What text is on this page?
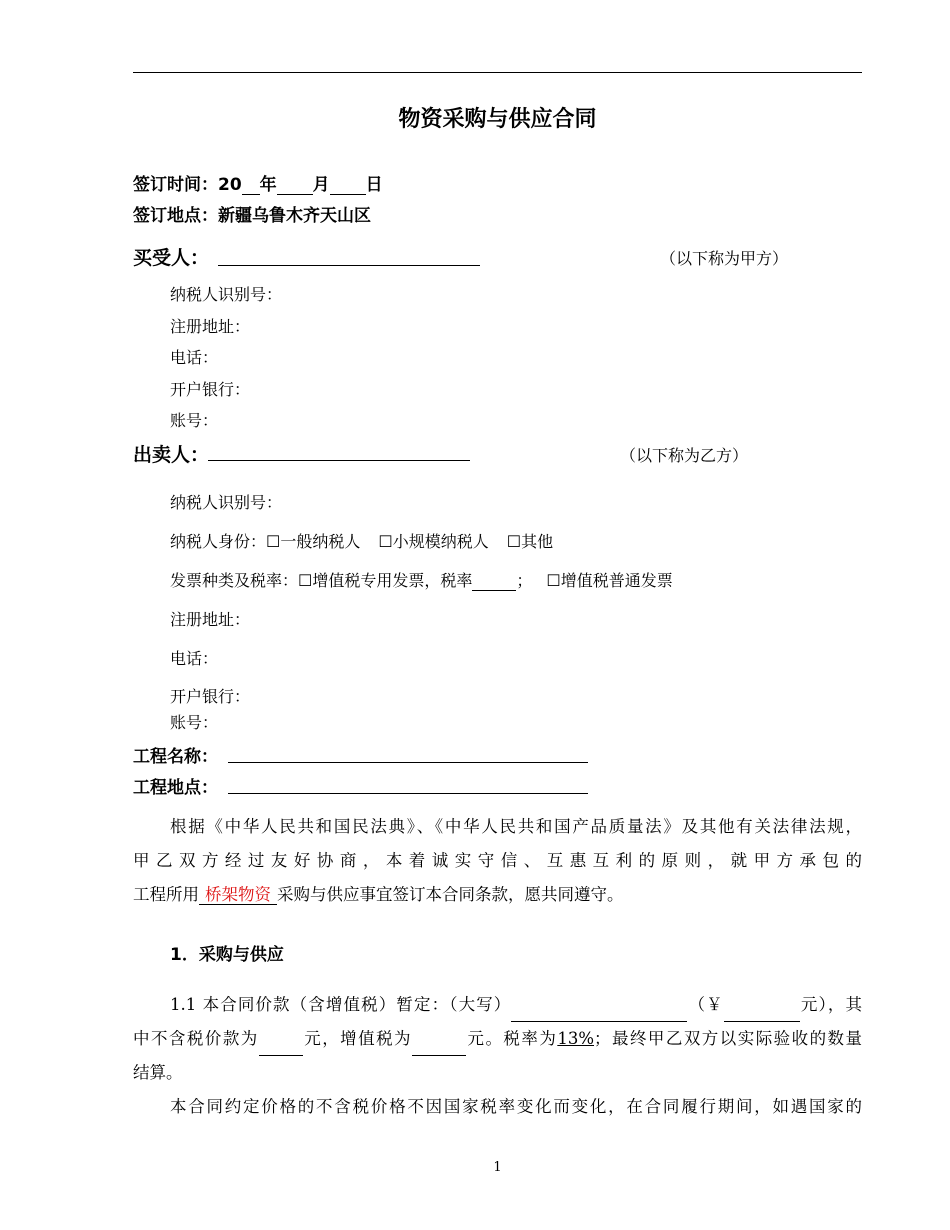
物资采购与供应合同
签订时间：20 年 月 日
签订地点：新疆乌鲁木齐天山区
买受人：	（以下称为甲方）
纳税人识别号：
注册地址：
电话：
开户银行：
账号：
出卖人：	（以下称为乙方）
纳税人识别号：
纳税人身份：☐一般纳税人 ☐小规模纳税人 ☐其他
发票种类及税率：☐增值税专用发票，税率	； ☐增值税普通发票
注册地址：
电话：
开户银行：
账号：
工程名称：
工程地点：
根据《中华人民共和国民法典》、《中华人民共和国产品质量法》及其他有关法律法规，
甲乙双方经过友好协商，本着诚实守信、互惠互利的原则，就甲方承包的
工程所用 桥架物资 采购与供应事宜签订本合同条款，愿共同遵守。
1．采购与供应
1.1 本合同价款（含增值税）暂定：（大写）	（￥	元），其
中不含税价款为	元，增值税为	元。税率为13%；最终甲乙双方以实际验收的数量
结算。
本合同约定价格的不含税价格不因国家税率变化而变化，在合同履行期间，如遇国家的
1
